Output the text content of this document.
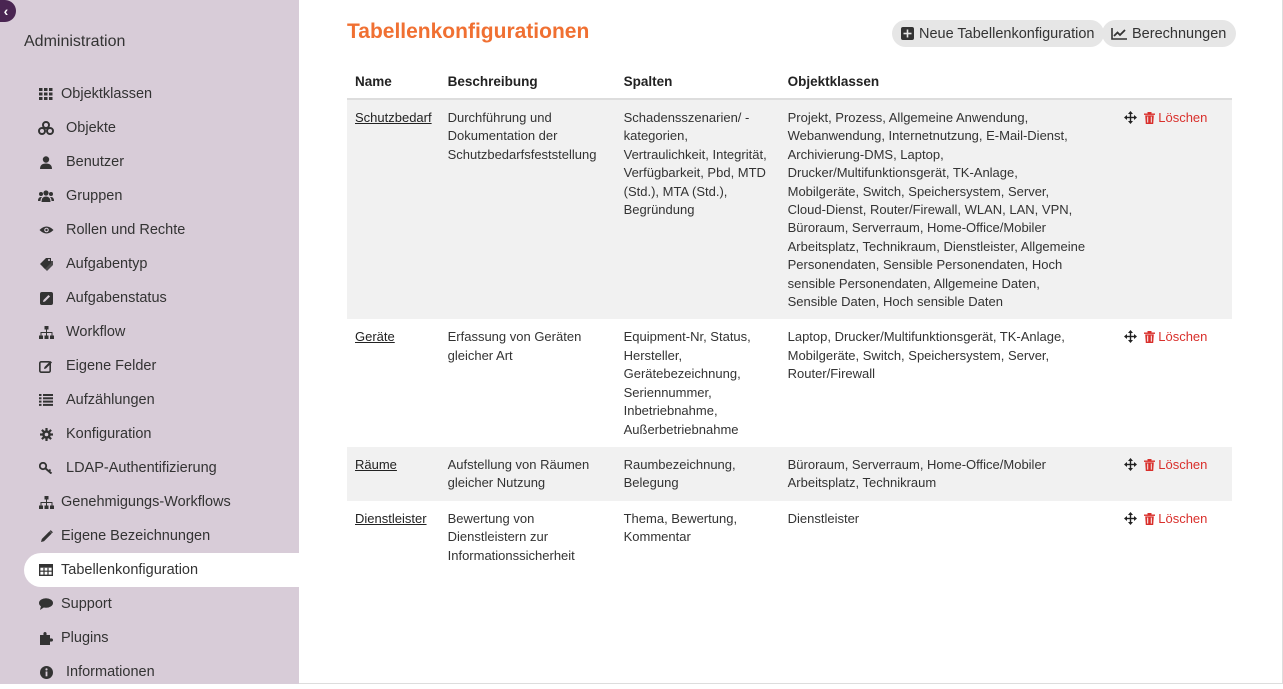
‹
Administration
Objektklassen
Objekte
Benutzer
Gruppen
Rollen und Rechte
Aufgabentyp
Aufgabenstatus
Workflow
Eigene Felder
Aufzählungen
Konfiguration
LDAP-Authentifizierung
Genehmigungs-Workflows
Eigene Bezeichnungen
Tabellenkonfiguration
Support
Plugins
Informationen
Tabellenkonfigurationen	Neue Tabellenkonfiguration	Berechnungen
Name	Beschreibung	Spalten	Objektklassen	
Schutzbedarf	Durchführung und Dokumentation der Schutzbedarfsfeststellung	Schadensszenarien/ -kategorien, Vertraulichkeit, Integrität, Verfügbarkeit, Pbd, MTD (Std.), MTA (Std.), Begründung	Projekt, Prozess, Allgemeine Anwendung, Webanwendung, Internetnutzung, E-Mail-Dienst, Archivierung-DMS, Laptop, Drucker/Multifunktionsgerät, TK-Anlage, Mobilgeräte, Switch, Speichersystem, Server, Cloud-Dienst, Router/Firewall, WLAN, LAN, VPN, Büroraum, Serverraum, Home-Office/Mobiler Arbeitsplatz, Technikraum, Dienstleister, Allgemeine Personendaten, Sensible Personendaten, Hoch sensible Personendaten, Allgemeine Daten, Sensible Daten, Hoch sensible Daten	Löschen
Geräte	Erfassung von Geräten gleicher Art	Equipment-Nr, Status, Hersteller, Gerätebezeichnung, Seriennummer, Inbetriebnahme, Außerbetriebnahme	Laptop, Drucker/Multifunktionsgerät, TK-Anlage, Mobilgeräte, Switch, Speichersystem, Server, Router/Firewall	Löschen
Räume	Aufstellung von Räumen gleicher Nutzung	Raumbezeichnung, Belegung	Büroraum, Serverraum, Home-Office/Mobiler Arbeitsplatz, Technikraum	Löschen
Dienstleister	Bewertung von Dienstleistern zur Informationssicherheit	Thema, Bewertung, Kommentar	Dienstleister	Löschen
